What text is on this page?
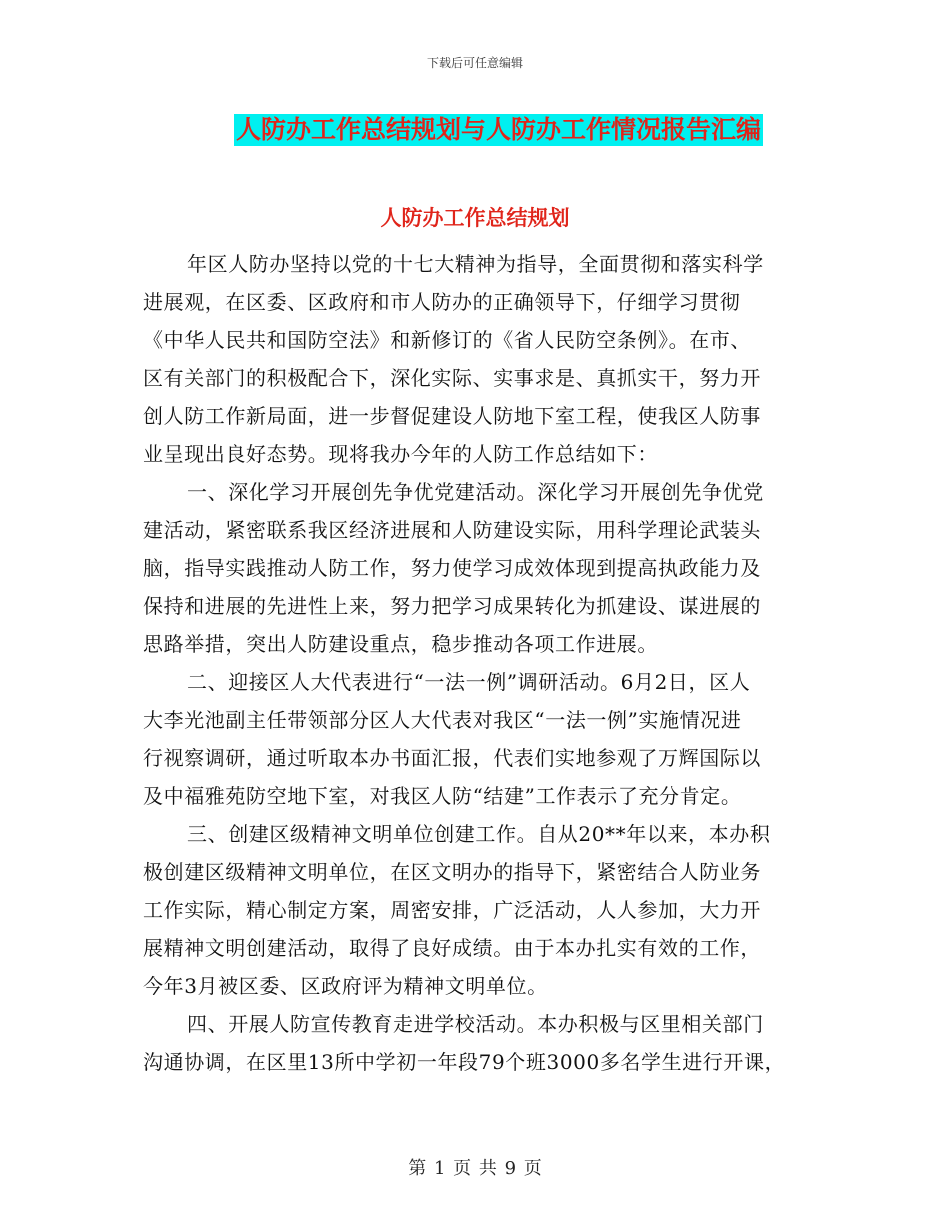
下载后可任意编辑
人防办工作总结规划与人防办工作情况报告汇编
人防办工作总结规划
年区人防办坚持以党的十七大精神为指导，全面贯彻和落实科学
进展观，在区委、区政府和市人防办的正确领导下，仔细学习贯彻
《中华人民共和国防空法》和新修订的《省人民防空条例》。在市、
区有关部门的积极配合下，深化实际、实事求是、真抓实干，努力开
创人防工作新局面，进一步督促建设人防地下室工程，使我区人防事
业呈现出良好态势。现将我办今年的人防工作总结如下：
一、深化学习开展创先争优党建活动。深化学习开展创先争优党
建活动，紧密联系我区经济进展和人防建设实际，用科学理论武装头
脑，指导实践推动人防工作，努力使学习成效体现到提高执政能力及
保持和进展的先进性上来，努力把学习成果转化为抓建设、谋进展的
思路举措，突出人防建设重点，稳步推动各项工作进展。
二、迎接区人大代表进行“一法一例”调研活动。6月2日，区人
大李光池副主任带领部分区人大代表对我区“一法一例”实施情况进
行视察调研，通过听取本办书面汇报，代表们实地参观了万辉国际以
及中福雅苑防空地下室，对我区人防“结建”工作表示了充分肯定。
三、创建区级精神文明单位创建工作。自从20**年以来，本办积
极创建区级精神文明单位，在区文明办的指导下，紧密结合人防业务
工作实际，精心制定方案，周密安排，广泛活动，人人参加，大力开
展精神文明创建活动，取得了良好成绩。由于本办扎实有效的工作，
今年3月被区委、区政府评为精神文明单位。
四、开展人防宣传教育走进学校活动。本办积极与区里相关部门
沟通协调，在区里13所中学初一年段79个班3000多名学生进行开课，
第 1 页 共 9 页
